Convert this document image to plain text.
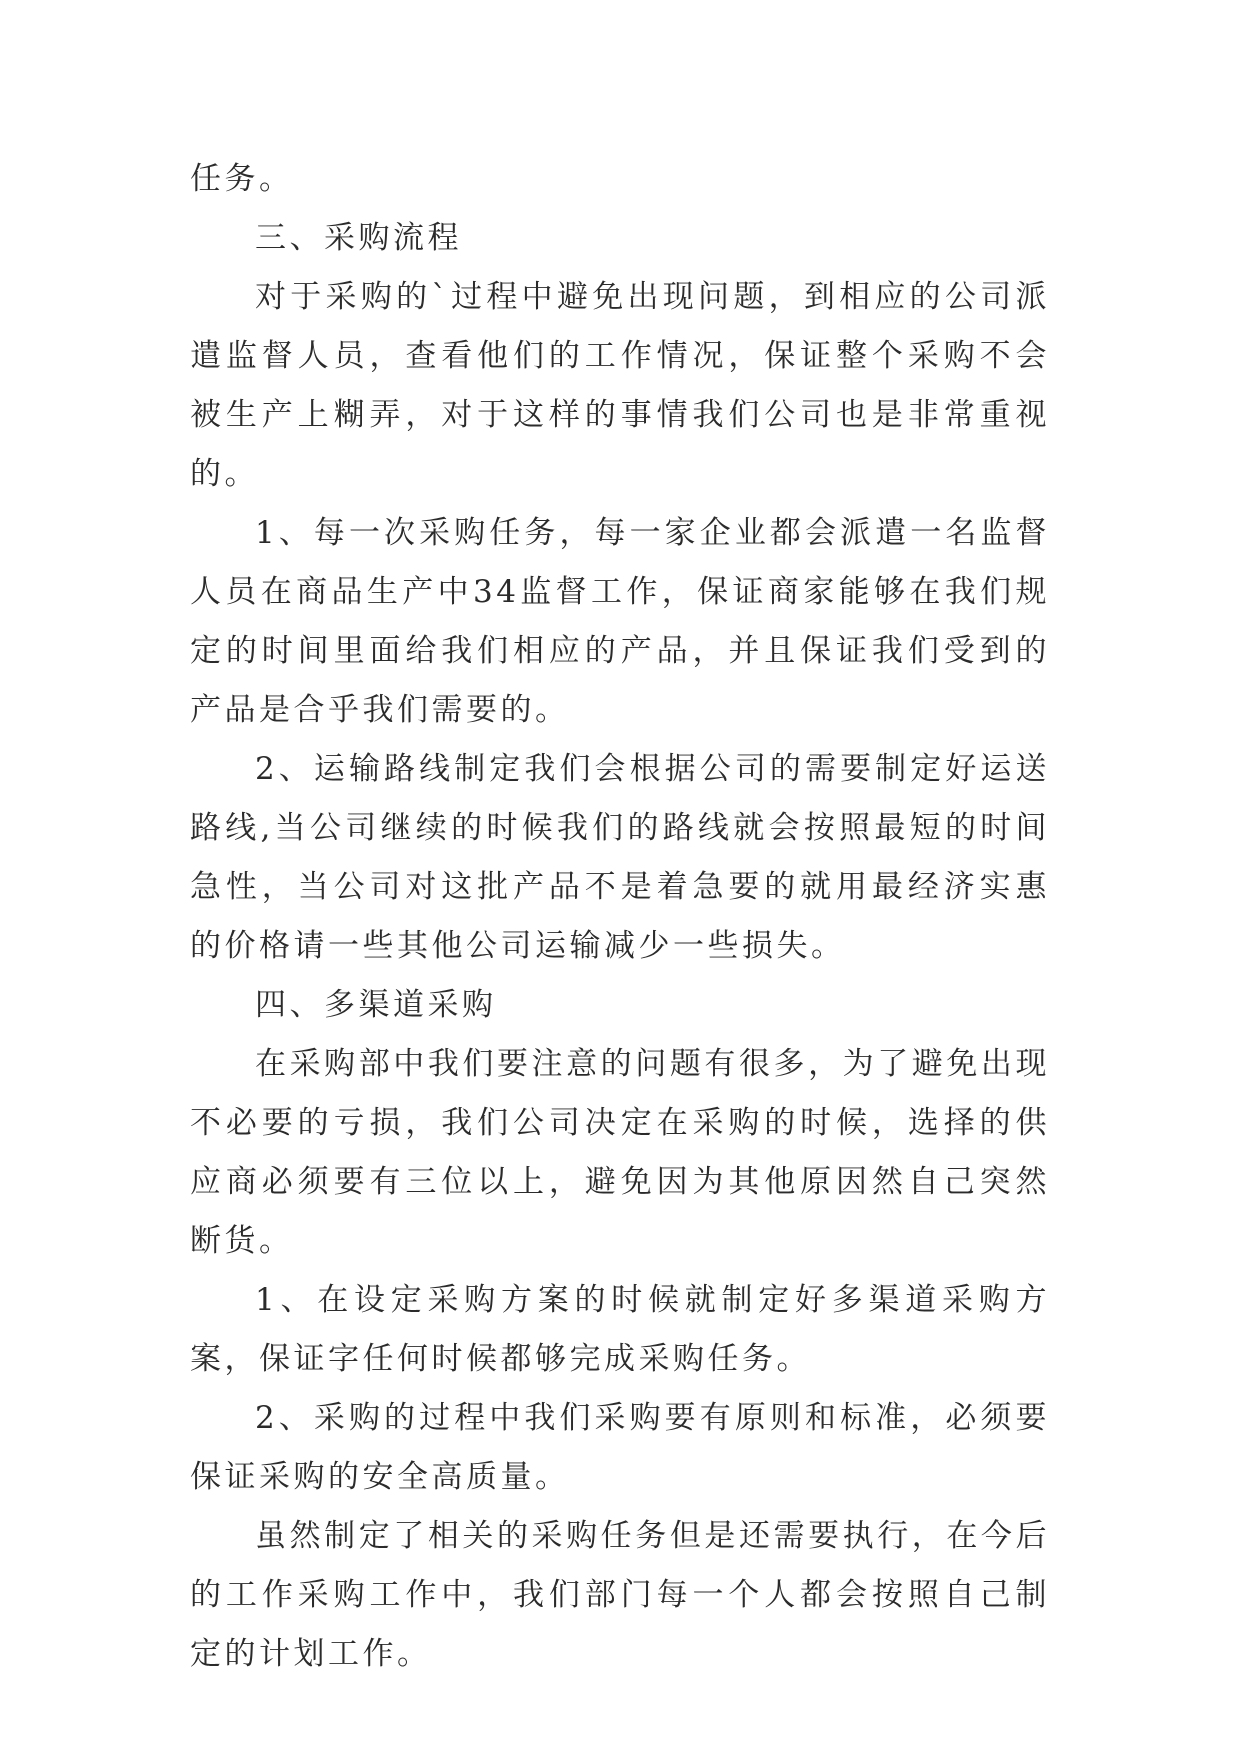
任务。

三、采购流程

对于采购的`过程中避免出现问题，到相应的公司派遣监督人员，查看他们的工作情况，保证整个采购不会被生产上糊弄，对于这样的事情我们公司也是非常重视的。

1、每一次采购任务，每一家企业都会派遣一名监督人员在商品生产中34监督工作，保证商家能够在我们规定的时间里面给我们相应的产品，并且保证我们受到的产品是合乎我们需要的。

2、运输路线制定我们会根据公司的需要制定好运送路线,当公司继续的时候我们的路线就会按照最短的时间急性，当公司对这批产品不是着急要的就用最经济实惠的价格请一些其他公司运输减少一些损失。

四、多渠道采购

在采购部中我们要注意的问题有很多，为了避免出现不必要的亏损，我们公司决定在采购的时候，选择的供应商必须要有三位以上，避免因为其他原因然自己突然断货。

1、在设定采购方案的时候就制定好多渠道采购方案，保证字任何时候都够完成采购任务。

2、采购的过程中我们采购要有原则和标准，必须要保证采购的安全高质量。

虽然制定了相关的采购任务但是还需要执行，在今后的工作采购工作中，我们部门每一个人都会按照自己制定的计划工作。
